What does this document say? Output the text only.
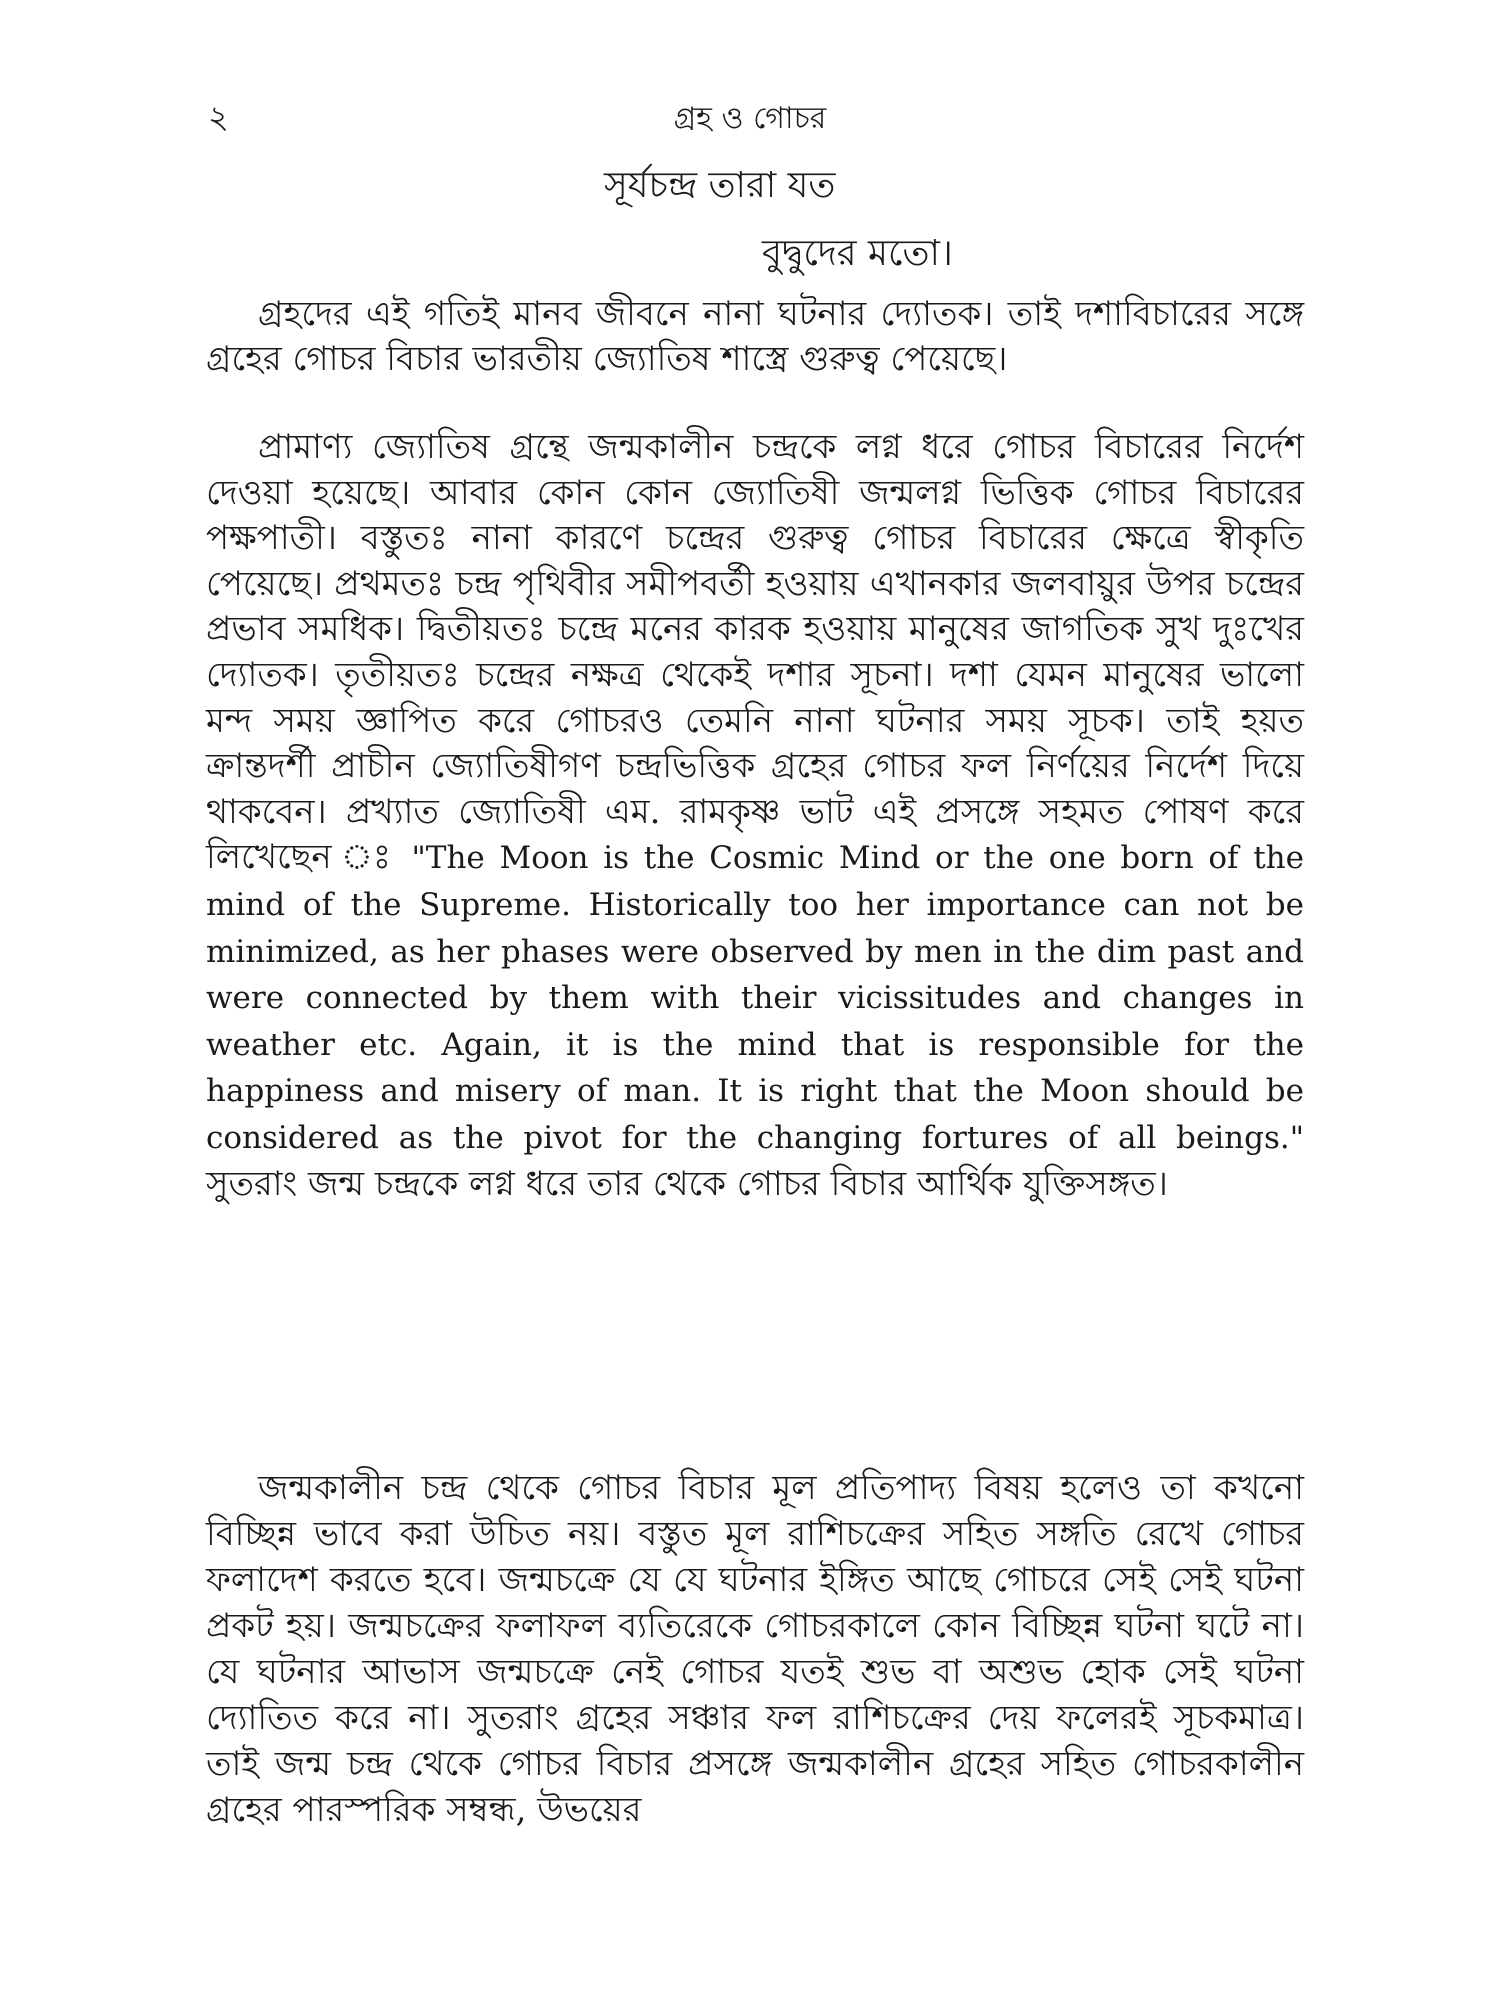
২	গ্রহ ও গোচর
সূর্যচন্দ্র তারা যত
বুদ্বুদের মতো।

গ্রহদের এই গতিই মানব জীবনে নানা ঘটনার দ্যোতক। তাই দশাবিচারের সঙ্গে গ্রহের গোচর বিচার ভারতীয় জ্যোতিষ শাস্ত্রে গুরুত্ব পেয়েছে।

প্রামাণ্য জ্যোতিষ গ্রন্থে জন্মকালীন চন্দ্রকে লগ্ন ধরে গোচর বিচারের নির্দেশ দেওয়া হয়েছে। আবার কোন কোন জ্যোতিষী জন্মলগ্ন ভিত্তিক গোচর বিচারের পক্ষপাতী। বস্তুতঃ নানা কারণে চন্দ্রের গুরুত্ব গোচর বিচারের ক্ষেত্রে স্বীকৃতি পেয়েছে। প্রথমতঃ চন্দ্র পৃথিবীর সমীপবর্তী হওয়ায় এখানকার জলবায়ুর উপর চন্দ্রের প্রভাব সমধিক। দ্বিতীয়তঃ চন্দ্রে মনের কারক হওয়ায় মানুষের জাগতিক সুখ দুঃখের দ্যোতক। তৃতীয়তঃ চন্দ্রের নক্ষত্র থেকেই দশার সূচনা। দশা যেমন মানুষের ভালো মন্দ সময় জ্ঞাপিত করে গোচরও তেমনি নানা ঘটনার সময় সূচক। তাই হয়ত ক্রান্তদর্শী প্রাচীন জ্যোতিষীগণ চন্দ্রভিত্তিক গ্রহের গোচর ফল নির্ণয়ের নির্দেশ দিয়ে থাকবেন। প্রখ্যাত জ্যোতিষী এম. রামকৃষ্ণ ভাট এই প্রসঙ্গে সহমত পোষণ করে লিখেছেন ঃ "The Moon is the Cosmic Mind or the one born of the mind of the Supreme. Historically too her importance can not be minimized, as her phases were observed by men in the dim past and were connected by them with their vicissitudes and changes in weather etc. Again, it is the mind that is responsible for the happiness and misery of man. It is right that the Moon should be considered as the pivot for the changing fortures of all beings." সুতরাং জন্ম চন্দ্রকে লগ্ন ধরে তার থেকে গোচর বিচার আর্থিক যুক্তিসঙ্গত।

জন্মকালীন চন্দ্র থেকে গোচর বিচার মূল প্রতিপাদ্য বিষয় হলেও তা কখনো বিচ্ছিন্ন ভাবে করা উচিত নয়। বস্তুত মূল রাশিচক্রের সহিত সঙ্গতি রেখে গোচর ফলাদেশ করতে হবে। জন্মচক্রে যে যে ঘটনার ইঙ্গিত আছে গোচরে সেই সেই ঘটনা প্রকট হয়। জন্মচক্রের ফলাফল ব্যতিরেকে গোচরকালে কোন বিচ্ছিন্ন ঘটনা ঘটে না। যে ঘটনার আভাস জন্মচক্রে নেই গোচর যতই শুভ বা অশুভ হোক সেই ঘটনা দ্যোতিত করে না। সুতরাং গ্রহের সঞ্চার ফল রাশিচক্রের দেয় ফলেরই সূচকমাত্র। তাই জন্ম চন্দ্র থেকে গোচর বিচার প্রসঙ্গে জন্মকালীন গ্রহের সহিত গোচরকালীন গ্রহের পারস্পরিক সম্বন্ধ, উভয়ের
